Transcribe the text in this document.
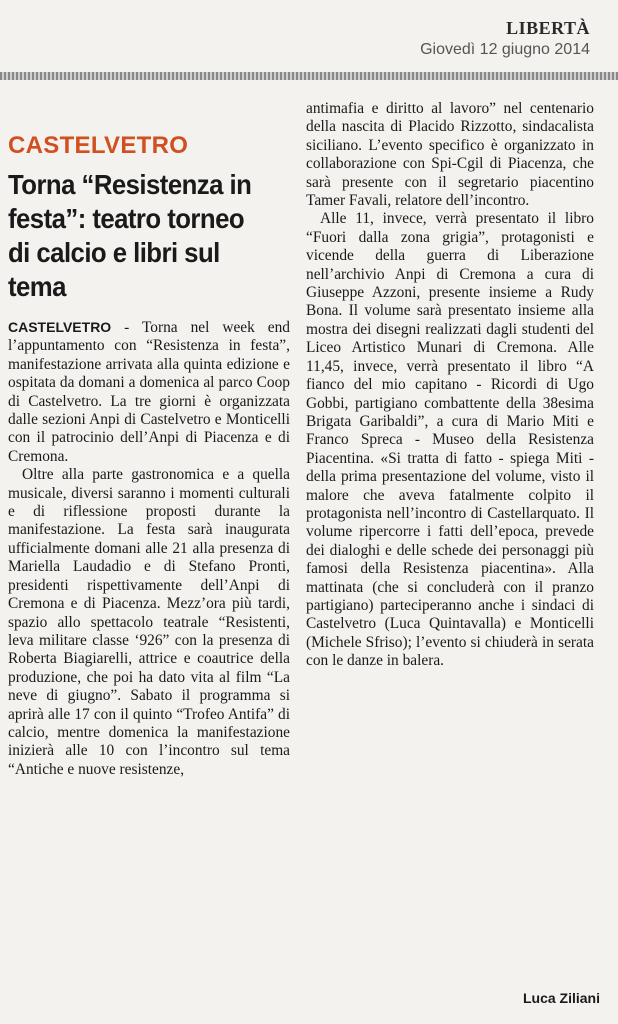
LIBERTÀ
Giovedì 12 giugno 2014
CASTELVETRO
Torna “Resistenza in festa”: teatro torneo di calcio e libri sul tema

CASTELVETRO - Torna nel week end l’appuntamento con “Resistenza in festa”, manifestazione arrivata alla quinta edizione e ospitata da domani a domenica al parco Coop di Castelvetro. La tre giorni è organizzata dalle sezioni Anpi di Castelvetro e Monticelli con il patrocinio dell’Anpi di Piacenza e di Cremona.

Oltre alla parte gastronomica e a quella musicale, diversi saranno i momenti culturali e di riflessione proposti durante la manifestazione. La festa sarà inaugurata ufficialmente domani alle 21 alla presenza di Mariella Laudadio e di Stefano Pronti, presidenti rispettivamente dell’Anpi di Cremona e di Piacenza. Mezz’ora più tardi, spazio allo spettacolo teatrale “Resistenti, leva militare classe ‘926” con la presenza di Roberta Biagiarelli, attrice e coautrice della produzione, che poi ha dato vita al film “La neve di giugno”. Sabato il programma si aprirà alle 17 con il quinto “Trofeo Antifa” di calcio, mentre domenica la manifestazione inizierà alle 10 con l’incontro sul tema “Antiche e nuove resistenze,

antimafia e diritto al lavoro” nel centenario della nascita di Placido Rizzotto, sindacalista siciliano. L’evento specifico è organizzato in collaborazione con Spi-Cgil di Piacenza, che sarà presente con il segretario piacentino Tamer Favali, relatore dell’incontro.

Alle 11, invece, verrà presentato il libro “Fuori dalla zona grigia”, protagonisti e vicende della guerra di Liberazione nell’archivio Anpi di Cremona a cura di Giuseppe Azzoni, presente insieme a Rudy Bona. Il volume sarà presentato insieme alla mostra dei disegni realizzati dagli studenti del Liceo Artistico Munari di Cremona. Alle 11,45, invece, verrà presentato il libro “A fianco del mio capitano - Ricordi di Ugo Gobbi, partigiano combattente della 38esima Brigata Garibaldi”, a cura di Mario Miti e Franco Spreca - Museo della Resistenza Piacentina. «Si tratta di fatto - spiega Miti - della prima presentazione del volume, visto il malore che aveva fatalmente colpito il protagonista nell’incontro di Castellarquato. Il volume ripercorre i fatti dell’epoca, prevede dei dialoghi e delle schede dei personaggi più famosi della Resistenza piacentina». Alla mattinata (che si concluderà con il pranzo partigiano) parteciperanno anche i sindaci di Castelvetro (Luca Quintavalla) e Monticelli (Michele Sfriso); l’evento si chiuderà in serata con le danze in balera.

Luca Ziliani
